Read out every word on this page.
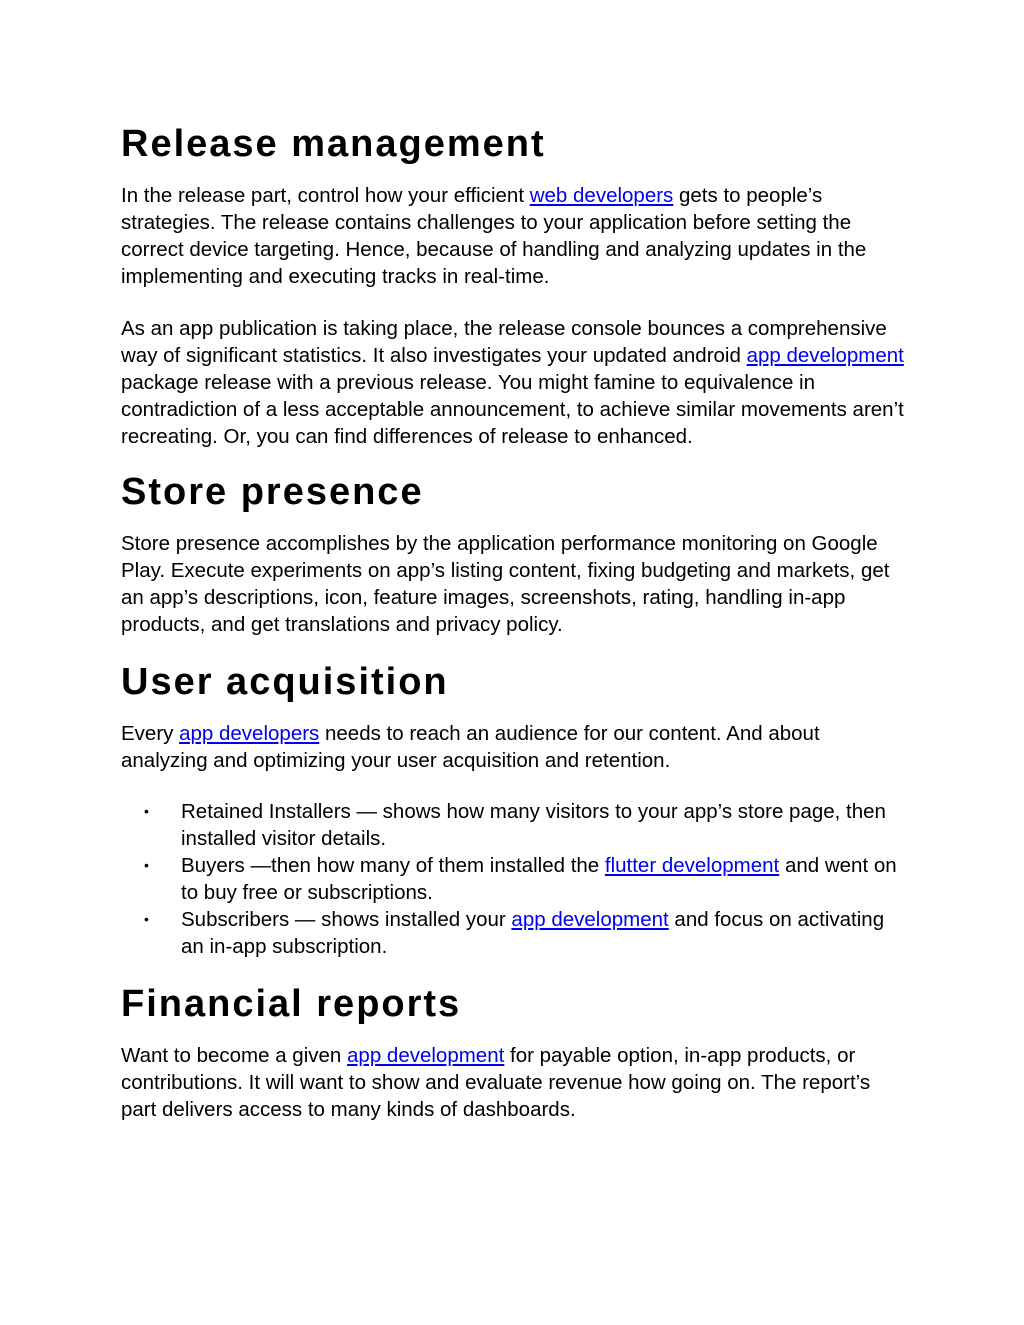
Release management

In the release part, control how your efficient web developers gets to people’s strategies. The release contains challenges to your application before setting the correct device targeting. Hence, because of handling and analyzing updates in the implementing and executing tracks in real-time.

As an app publication is taking place, the release console bounces a comprehensive way of significant statistics. It also investigates your updated android app development package release with a previous release. You might famine to equivalence in contradiction of a less acceptable announcement, to achieve similar movements aren’t recreating. Or, you can find differences of release to enhanced.

Store presence

Store presence accomplishes by the application performance monitoring on Google Play. Execute experiments on app’s listing content, fixing budgeting and markets, get an app’s descriptions, icon, feature images, screenshots, rating, handling in-app products, and get translations and privacy policy.

User acquisition

Every app developers needs to reach an audience for our content. And about analyzing and optimizing your user acquisition and retention.

• Retained Installers — shows how many visitors to your app’s store page, then installed visitor details.
• Buyers —then how many of them installed the flutter development and went on to buy free or subscriptions.
• Subscribers — shows installed your app development and focus on activating an in-app subscription.
Financial reports

Want to become a given app development for payable option, in-app products, or contributions. It will want to show and evaluate revenue how going on. The report’s part delivers access to many kinds of dashboards.
